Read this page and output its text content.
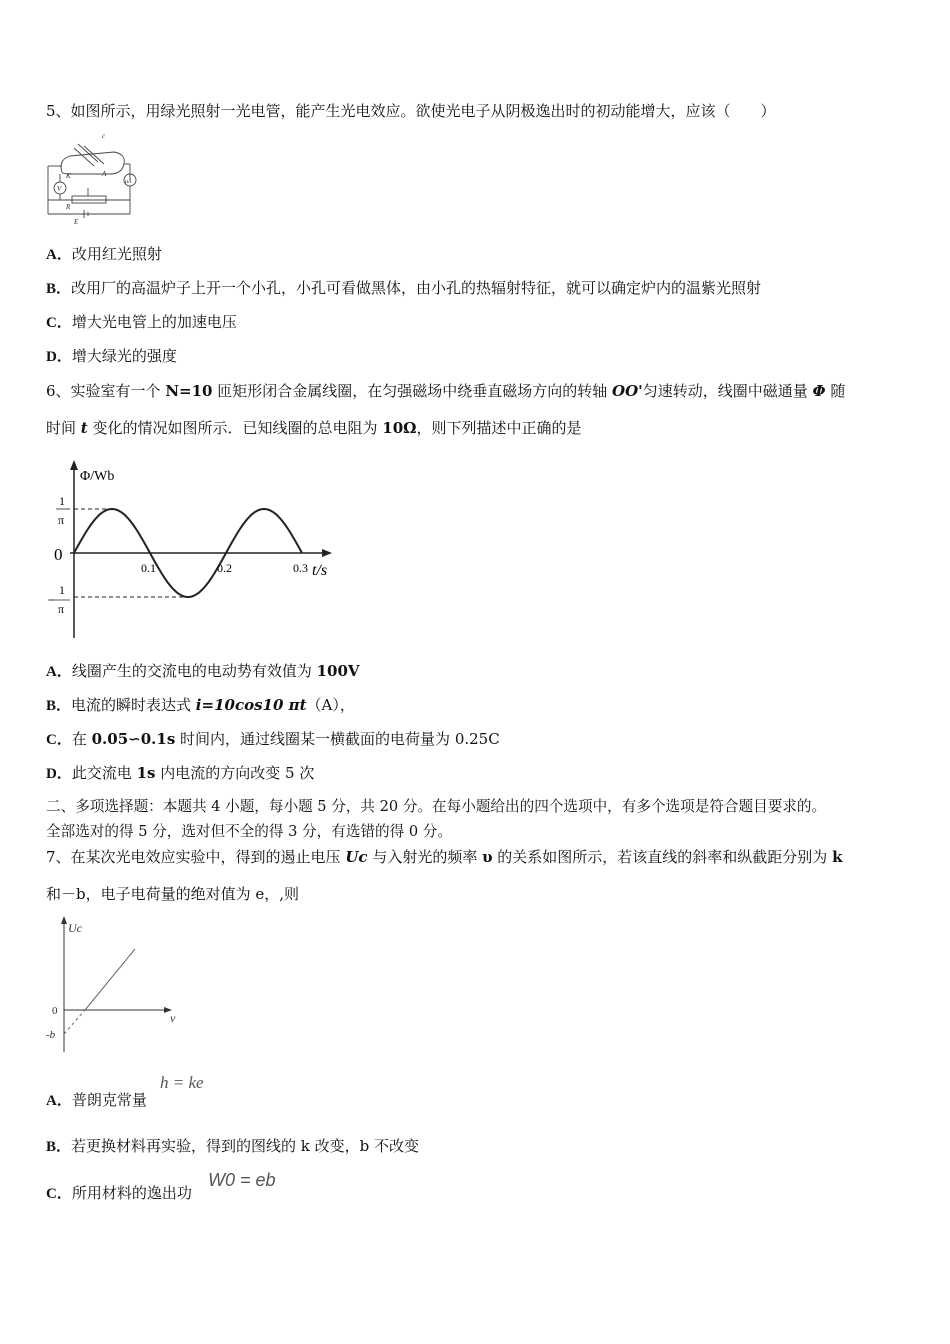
5、如图所示，用绿光照射一光电管，能产生光电效应。欲使光电子从阴极逸出时的初动能增大，应该（　　）
c
K	A
V
μA
R
E
A．改用红光照射
B．改用厂的高温炉子上开一个小孔，小孔可看做黑体，由小孔的热辐射特征，就可以确定炉内的温紫光照射
C．增大光电管上的加速电压
D．增大绿光的强度
6、实验室有一个 N=10 匝矩形闭合金属线圈，在匀强磁场中绕垂直磁场方向的转轴 OO'匀速转动，线圈中磁通量 Φ 随
时间 t 变化的情况如图所示．已知线圈的总电阻为 10Ω，则下列描述中正确的是
Φ/Wb
t/s
0
0.1	0.2	0.3
1
π
1
π
A．线圈产生的交流电的电动势有效值为 100V
B．电流的瞬时表达式 i=10cos10 πt（A），
C．在 0.05∽0.1s 时间内，通过线圈某一横截面的电荷量为 0.25C
D．此交流电 1s 内电流的方向改变 5 次
二、多项选择题：本题共 4 小题，每小题 5 分，共 20 分。在每小题给出的四个选项中，有多个选项是符合题目要求的。
全部选对的得 5 分，选对但不全的得 3 分，有选错的得 0 分。
7、在某次光电效应实验中，得到的遏止电压 Uc 与入射光的频率 υ 的关系如图所示，若该直线的斜率和纵截距分别为 k
和－b，电子电荷量的绝对值为 e，,则
Uc
ν
0
-b
A．普朗克常量
h = ke
B．若更换材料再实验，得到的图线的 k 改变，b 不改变
C．所用材料的逸出功
W0 = eb
